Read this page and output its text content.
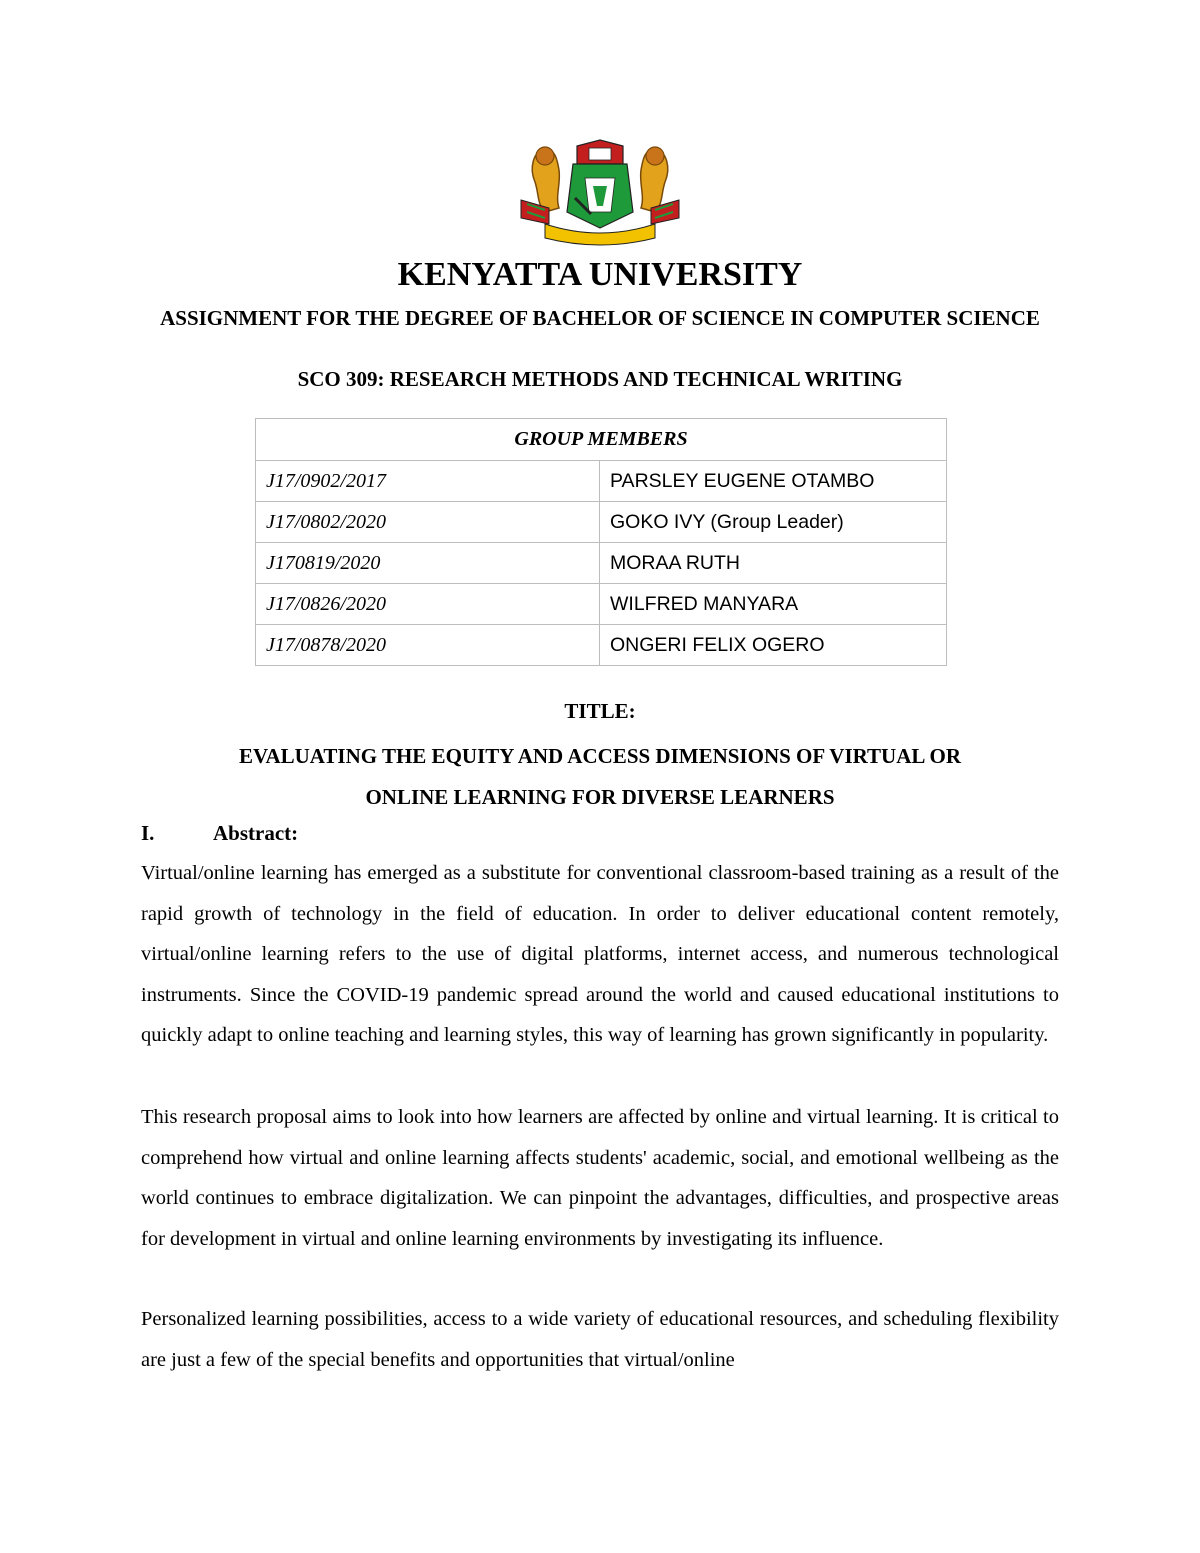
KENYATTA UNIVERSITY
ASSIGNMENT FOR THE DEGREE OF BACHELOR OF SCIENCE IN COMPUTER SCIENCE
SCO 309: RESEARCH METHODS AND TECHNICAL WRITING
GROUP MEMBERS	
J17/0902/2017	PARSLEY EUGENE OTAMBO
J17/0802/2020	GOKO IVY (Group Leader)
J170819/2020	MORAA RUTH
J17/0826/2020	WILFRED MANYARA
J17/0878/2020	ONGERI FELIX OGERO
TITLE:
EVALUATING THE EQUITY AND ACCESS DIMENSIONS OF VIRTUAL OR
ONLINE LEARNING FOR DIVERSE LEARNERS
I.	Abstract:

Virtual/online learning has emerged as a substitute for conventional classroom-based training as a result of the rapid growth of technology in the field of education. In order to deliver educational content remotely, virtual/online learning refers to the use of digital platforms, internet access, and numerous technological instruments. Since the COVID-19 pandemic spread around the world and caused educational institutions to quickly adapt to online teaching and learning styles, this way of learning has grown significantly in popularity.

This research proposal aims to look into how learners are affected by online and virtual learning. It is critical to comprehend how virtual and online learning affects students' academic, social, and emotional wellbeing as the world continues to embrace digitalization. We can pinpoint the advantages, difficulties, and prospective areas for development in virtual and online learning environments by investigating its influence.

Personalized learning possibilities, access to a wide variety of educational resources, and scheduling flexibility are just a few of the special benefits and opportunities that virtual/online
